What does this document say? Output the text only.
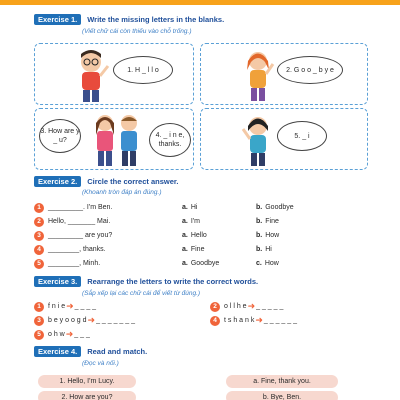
Exercise 1.	Write the missing letters in the blanks.
(Viết chữ cái còn thiếu vào chỗ trống.)
1. H _ l l o	2. G o o _ b y e
3. How are y _ u?
4. _ i n e, thanks.
5. _ i
Exercise 2.	Circle the correct answer.
(Khoanh tròn đáp án đúng.)
1	_________. I'm Ben.	a. Hi	b. Goodbye
2	Hello, _______ Mai.	a. I'm	b. Fine
3	_________ are you?	a. Hello	b. How
4	________, thanks.	a. Fine	b. Hi
5	________, Minh.	a. Goodbye	c. How
Exercise 3.	Rearrange the letters to write the correct words.
(Sắp xếp lại các chữ cái để viết từ đúng.)
1	f n i e ➜ _ _ _ _	2	o l l h e ➜ _ _ _ _ _
3	b e y o o g d ➜ _ _ _ _ _ _ _	4	t s h a n k ➜ _ _ _ _ _ _
5	o h w ➜ _ _ _
Exercise 4.	Read and match.
(Đọc và nối.)
1. Hello, I'm Lucy.	a. Fine, thank you.
2. How are you?	b. Bye, Ben.
